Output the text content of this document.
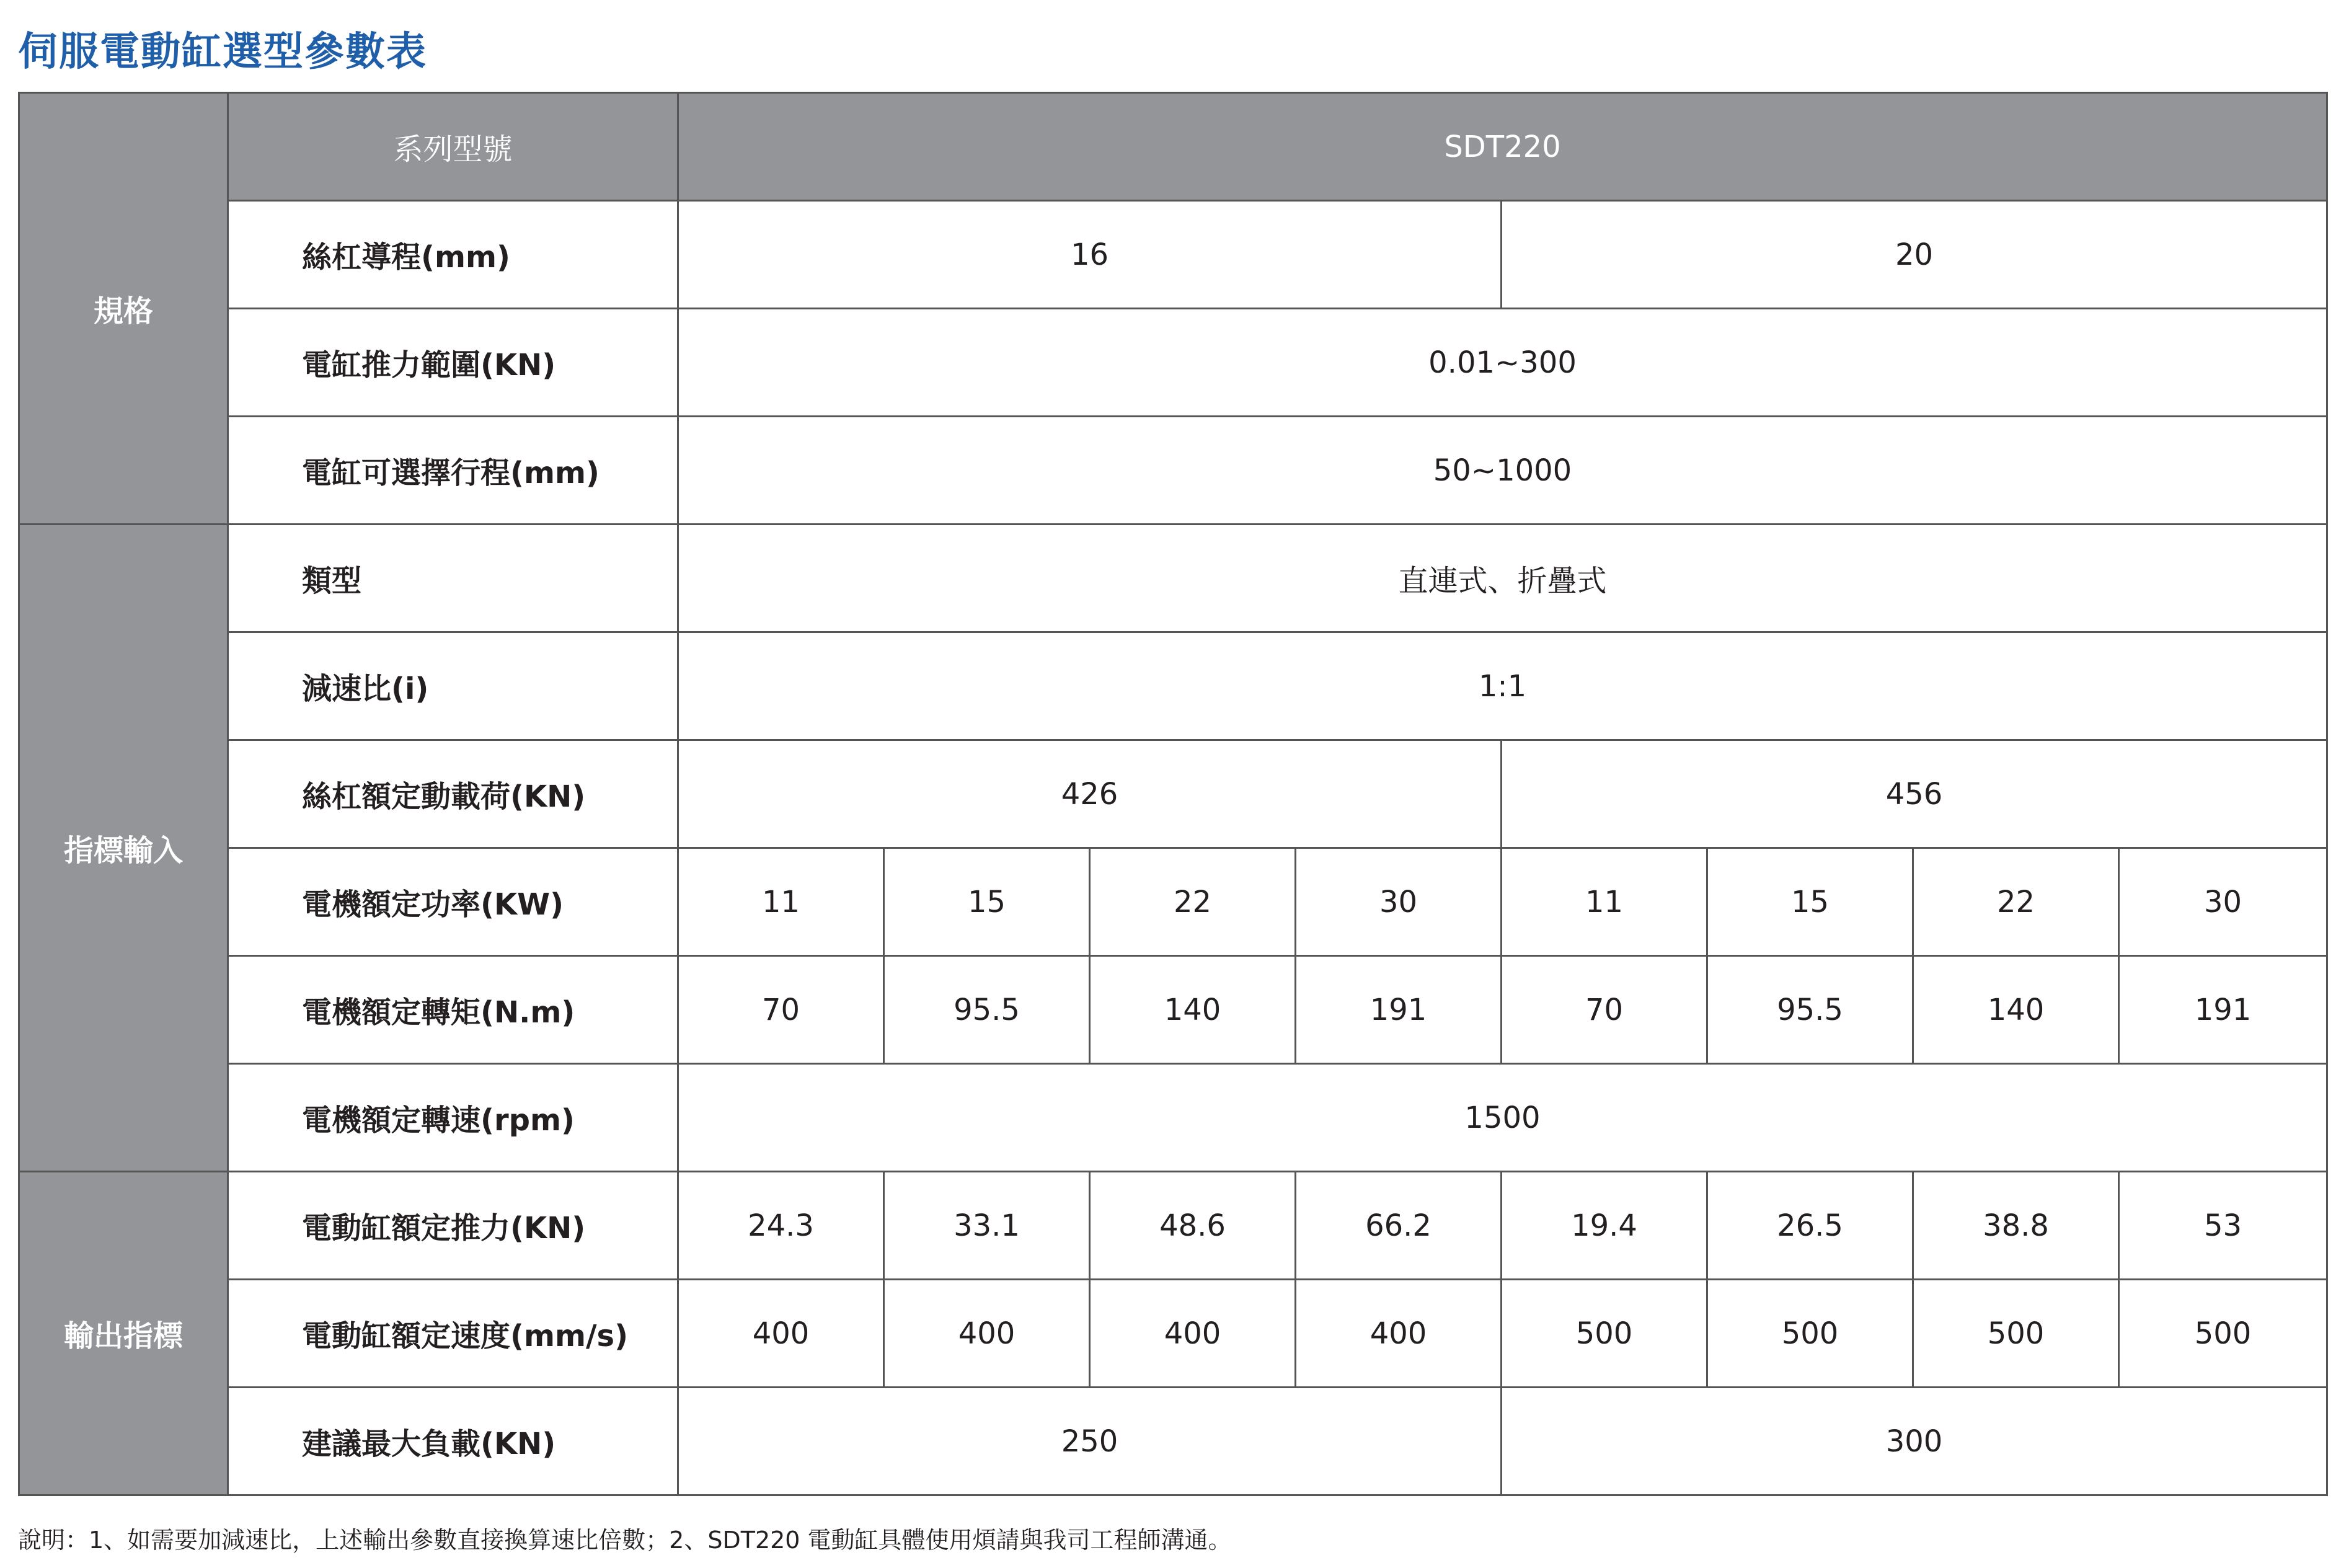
伺服電動缸選型參數表
規格	系列型號	SDT220							
	絲杠導程(mm)	16				20			
	電缸推力範圍(KN)	0.01~300							
	電缸可選擇行程(mm)	50~1000							
指標輸入	類型	直連式、折疊式							
	減速比(i)	1:1							
	絲杠額定動載荷(KN)	426				456			
	電機額定功率(KW)	11	15	22	30	11	15	22	30
	電機額定轉矩(N.m)	70	95.5	140	191	70	95.5	140	191
	電機額定轉速(rpm)	1500							
輸出指標	電動缸額定推力(KN)	24.3	33.1	48.6	66.2	19.4	26.5	38.8	53
	電動缸額定速度(mm/s)	400	400	400	400	500	500	500	500
	建議最大負載(KN)	250				300			
說明：1、如需要加減速比，上述輸出參數直接換算速比倍數；2、SDT220 電動缸具體使用煩請與我司工程師溝通。
